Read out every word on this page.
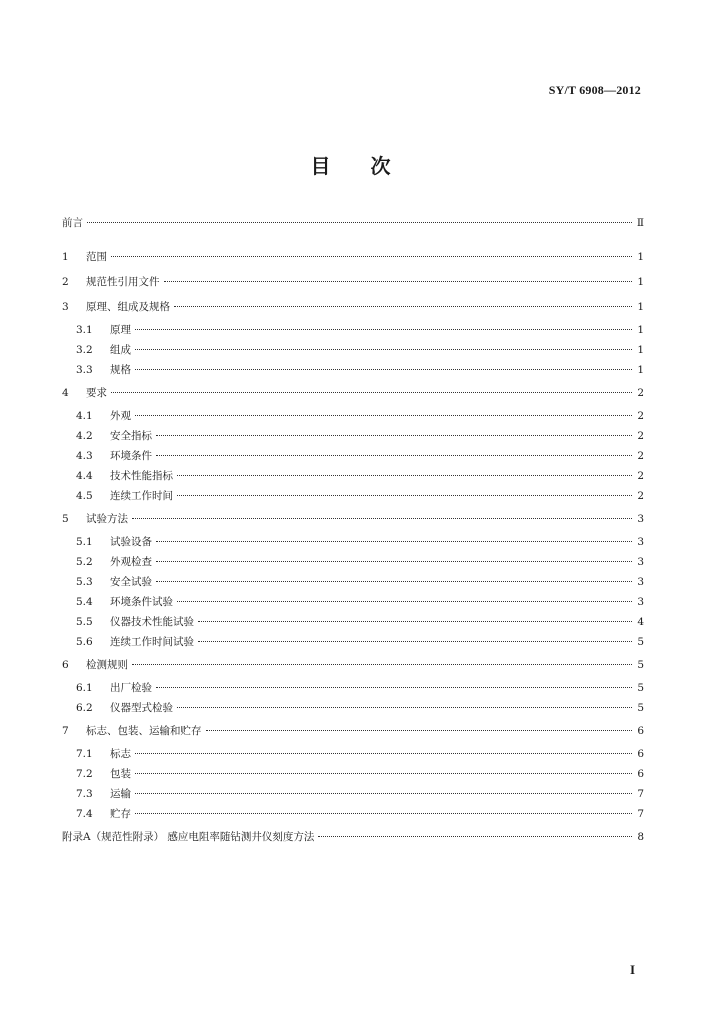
SY/T 6908—2012
目 次
前言	Ⅱ
1	范围	1
2	规范性引用文件	1
3	原理、组成及规格	1
3.1	原理	1
3.2	组成	1
3.3	规格	1
4	要求	2
4.1	外观	2
4.2	安全指标	2
4.3	环境条件	2
4.4	技术性能指标	2
4.5	连续工作时间	2
5	试验方法	3
5.1	试验设备	3
5.2	外观检查	3
5.3	安全试验	3
5.4	环境条件试验	3
5.5	仪器技术性能试验	4
5.6	连续工作时间试验	5
6	检测规则	5
6.1	出厂检验	5
6.2	仪器型式检验	5
7	标志、包装、运输和贮存	6
7.1	标志	6
7.2	包装	6
7.3	运输	7
7.4	贮存	7
附录A（规范性附录） 感应电阻率随钻测井仪刻度方法	8
I
